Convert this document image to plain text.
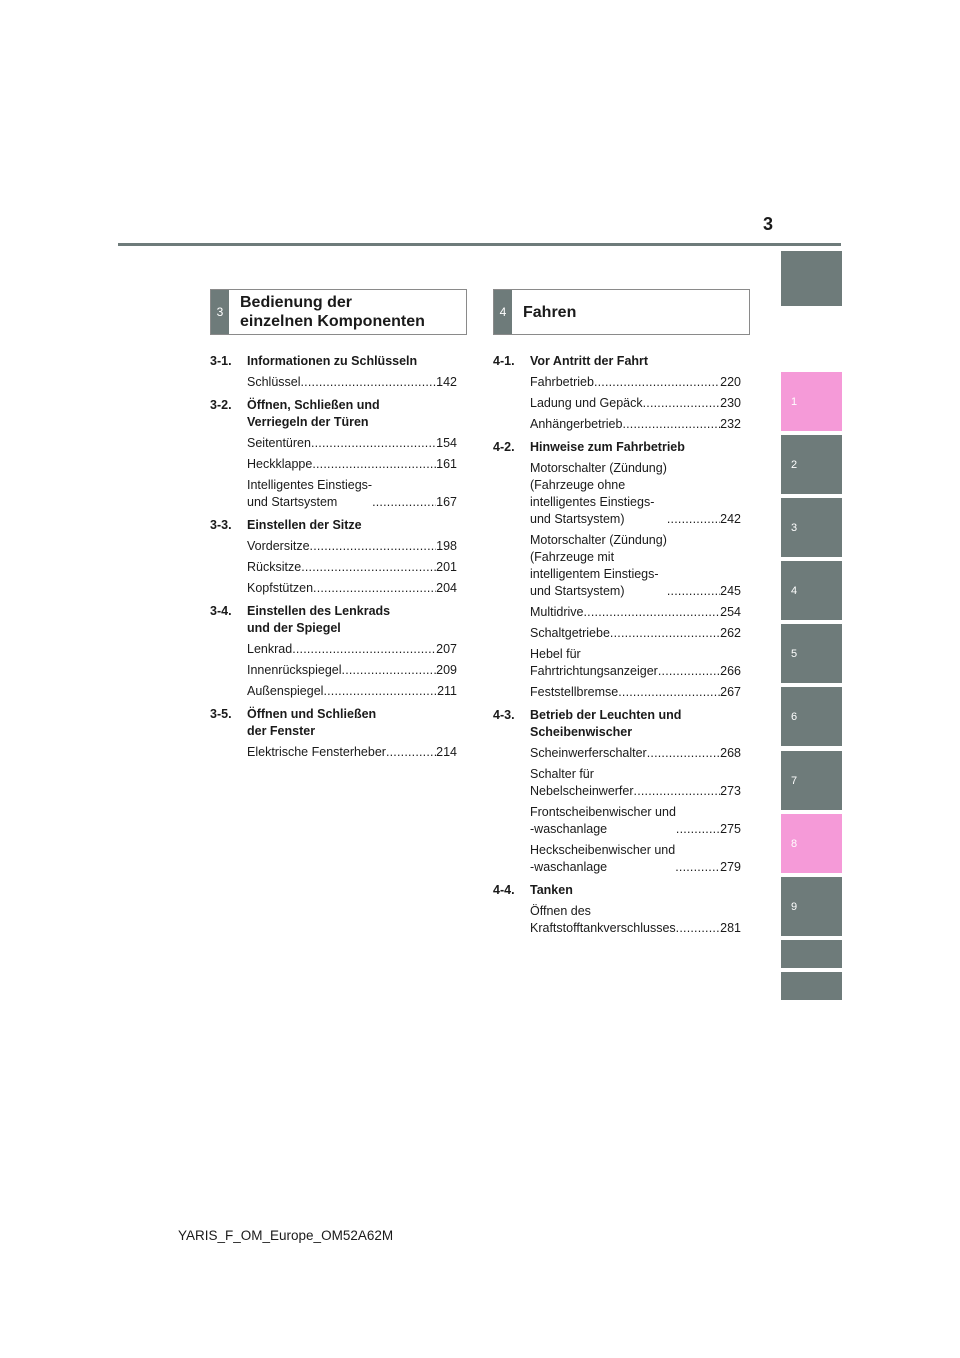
3
1
2
3
4
5
6
7
8
9
3
Bedienung der
einzelnen Komponenten
4	Fahren
3-1. Informationen zu Schlüsseln
Schlüssel .....	142
3-2. Öffnen, Schließen und
Verriegeln der Türen
Seitentüren .....	154
Heckklappe .....	161
Intelligentes Einstiegs-
und Startsystem .....	167
3-3. Einstellen der Sitze
Vordersitze .....	198
Rücksitze .....	201
Kopfstützen .....	204
3-4. Einstellen des Lenkrads
und der Spiegel
Lenkrad .....	207
Innenrückspiegel .....	209
Außenspiegel .....	211
3-5. Öffnen und Schließen
der Fenster
Elektrische Fensterheber .....	214
4-1. Vor Antritt der Fahrt
Fahrbetrieb .....	220
Ladung und Gepäck .....	230
Anhängerbetrieb .....	232
4-2. Hinweise zum Fahrbetrieb
Motorschalter (Zündung)
(Fahrzeuge ohne
intelligentes Einstiegs-
und Startsystem) .....	242
Motorschalter (Zündung)
(Fahrzeuge mit
intelligentem Einstiegs-
und Startsystem) .....	245
Multidrive .....	254
Schaltgetriebe .....	262
Hebel für
Fahrtrichtungsanzeiger .....	266
Feststellbremse .....	267
4-3. Betrieb der Leuchten und
Scheibenwischer
Scheinwerferschalter .....	268
Schalter für
Nebelscheinwerfer .....	273
Frontscheibenwischer und
-waschanlage .....	275
Heckscheibenwischer und
-waschanlage .....	279
4-4. Tanken
Öffnen des
Kraftstofftankverschlusses .....	281
YARIS_F_OM_Europe_OM52A62M
